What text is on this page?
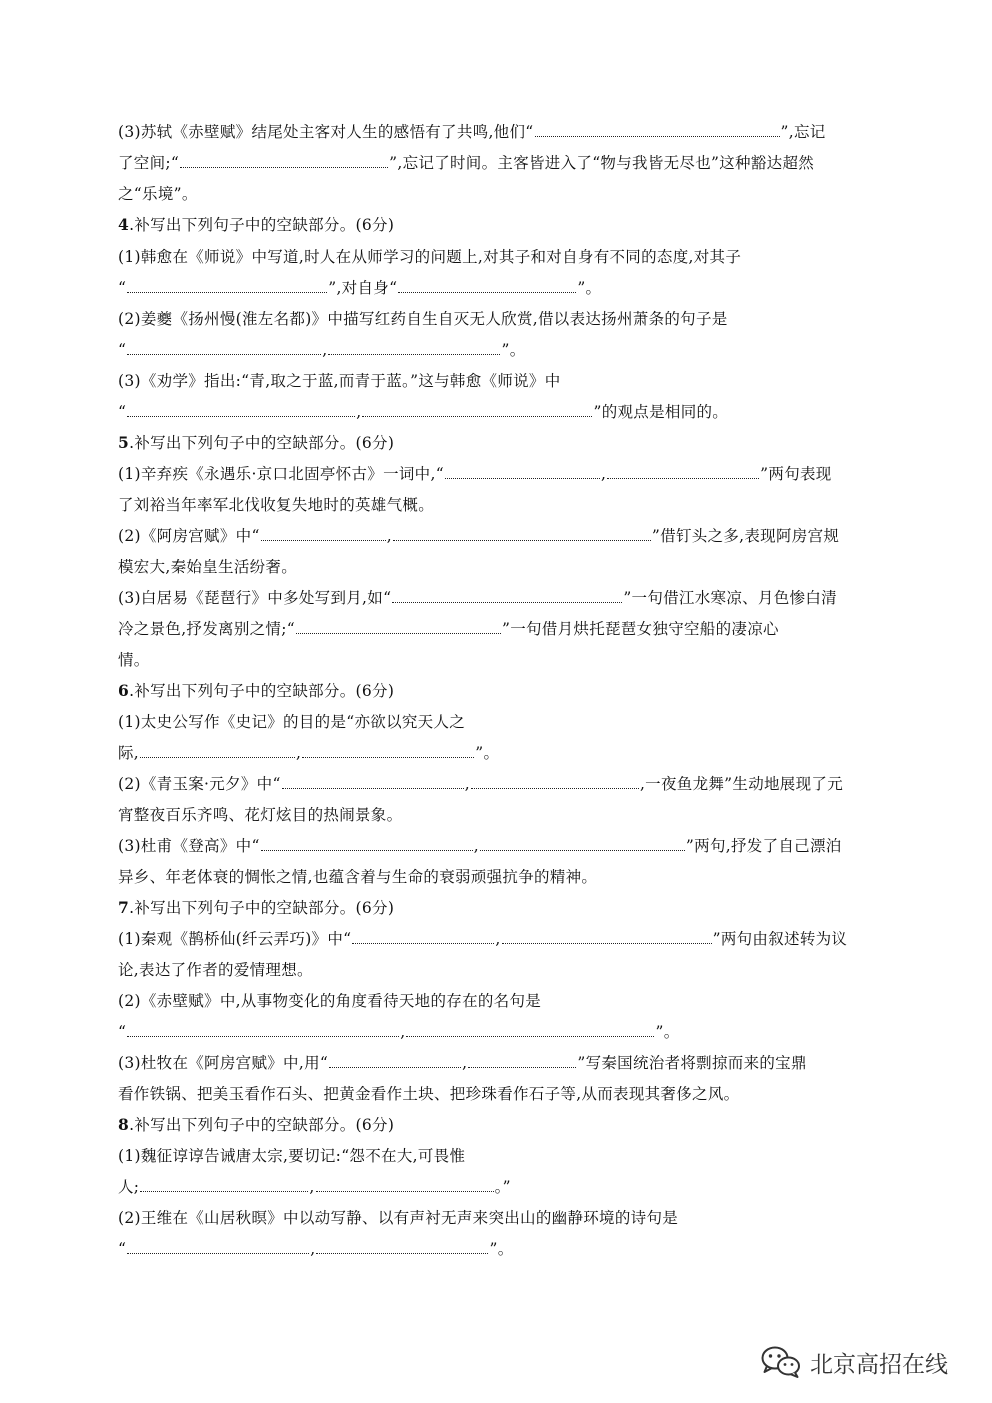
(3)苏轼《赤壁赋》结尾处主客对人生的感悟有了共鸣,他们“	”,忘记
了空间;“	”,忘记了时间。主客皆进入了“物与我皆无尽也”这种豁达超然
之“乐境”。
4.补写出下列句子中的空缺部分。(6分)
(1)韩愈在《师说》中写道,时人在从师学习的问题上,对其子和对自身有不同的态度,对其子
“	”,对自身“	”。
(2)姜夔《扬州慢(淮左名都)》中描写红药自生自灭无人欣赏,借以表达扬州萧条的句子是
“	,	”。
(3)《劝学》指出:“青,取之于蓝,而青于蓝。”这与韩愈《师说》中
“	,	”的观点是相同的。
5.补写出下列句子中的空缺部分。(6分)
(1)辛弃疾《永遇乐·京口北固亭怀古》一词中,“	,	”两句表现
了刘裕当年率军北伐收复失地时的英雄气概。
(2)《阿房宫赋》中“	,	”借钉头之多,表现阿房宫规
模宏大,秦始皇生活纷奢。
(3)白居易《琵琶行》中多处写到月,如“	”一句借江水寒凉、月色惨白清
冷之景色,抒发离别之情;“	”一句借月烘托琵琶女独守空船的凄凉心
情。
6.补写出下列句子中的空缺部分。(6分)
(1)太史公写作《史记》的目的是“亦欲以究天人之
际,	,	”。
(2)《青玉案·元夕》中“	,	,一夜鱼龙舞”生动地展现了元
宵整夜百乐齐鸣、花灯炫目的热闹景象。
(3)杜甫《登高》中“	,	”两句,抒发了自己漂泊
异乡、年老体衰的惆怅之情,也蕴含着与生命的衰弱顽强抗争的精神。
7.补写出下列句子中的空缺部分。(6分)
(1)秦观《鹊桥仙(纤云弄巧)》中“	,	”两句由叙述转为议
论,表达了作者的爱情理想。
(2)《赤壁赋》中,从事物变化的角度看待天地的存在的名句是
“	,	”。
(3)杜牧在《阿房宫赋》中,用“	,	”写秦国统治者将剽掠而来的宝鼎
看作铁锅、把美玉看作石头、把黄金看作土块、把珍珠看作石子等,从而表现其奢侈之风。
8.补写出下列句子中的空缺部分。(6分)
(1)魏征谆谆告诫唐太宗,要切记:“怨不在大,可畏惟
人;	,	。”
(2)王维在《山居秋暝》中以动写静、以有声衬无声来突出山的幽静环境的诗句是
“	,	”。
北京高招在线
